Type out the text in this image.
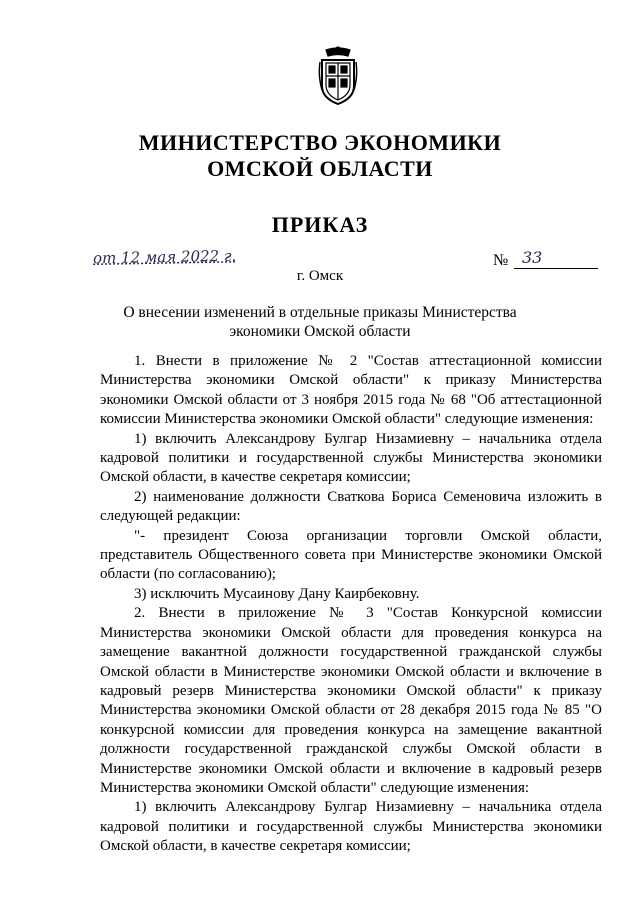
МИНИСТЕРСТВО ЭКОНОМИКИ
ОМСКОЙ ОБЛАСТИ
ПРИКАЗ
от 12 мая 2022 г.	№ 33
г. Омск
О внесении изменений в отдельные приказы Министерства
экономики Омской области

1. Внести в приложение № 2 "Состав аттестационной комиссии Министерства экономики Омской области" к приказу Министерства экономики Омской области от 3 ноября 2015 года № 68 "Об аттестационной комиссии Министерства экономики Омской области" следующие изменения:

1) включить Александрову Булгар Низамиевну – начальника отдела кадровой политики и государственной службы Министерства экономики Омской области, в качестве секретаря комиссии;

2) наименование должности Сваткова Бориса Семеновича изложить в следующей редакции:

"- президент Союза организации торговли Омской области, представитель Общественного совета при Министерстве экономики Омской области (по согласованию);

3) исключить Мусаинову Дану Каирбековну.

2. Внести в приложение № 3 "Состав Конкурсной комиссии Министерства экономики Омской области для проведения конкурса на замещение вакантной должности государственной гражданской службы Омской области в Министерстве экономики Омской области и включение в кадровый резерв Министерства экономики Омской области" к приказу Министерства экономики Омской области от 28 декабря 2015 года № 85 "О конкурсной комиссии для проведения конкурса на замещение вакантной должности государственной гражданской службы Омской области в Министерстве экономики Омской области и включение в кадровый резерв Министерства экономики Омской области" следующие изменения:

1) включить Александрову Булгар Низамиевну – начальника отдела кадровой политики и государственной службы Министерства экономики Омской области, в качестве секретаря комиссии;
